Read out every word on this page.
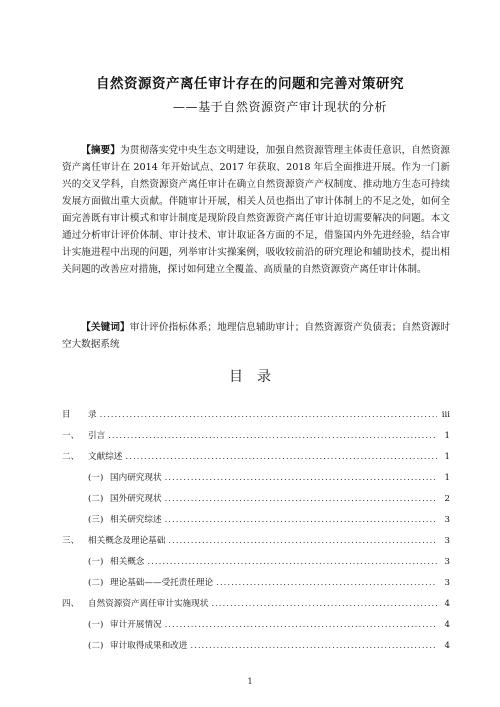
自然资源资产离任审计存在的问题和完善对策研究
——基于自然资源资产审计现状的分析

【摘要】为贯彻落实党中央生态文明建设，加强自然资源管理主体责任意识，自然资源资产离任审计在 2014 年开始试点、2017 年获取、2018 年后全面推进开展。作为一门新兴的交叉学科，自然资源资产离任审计在确立自然资源资产产权制度、推动地方生态可持续发展方面做出重大贡献。伴随审计开展，相关人员也指出了审计体制上的不足之处，如何全面完善既有审计模式和审计制度是现阶段自然资源资产离任审计迫切需要解决的问题。本文通过分析审计评价体制、审计技术、审计取证各方面的不足，借鉴国内外先进经验，结合审计实施进程中出现的问题，列举审计实操案例，吸收较前沿的研究理论和辅助技术，提出相关问题的改善应对措施，探讨如何建立全覆盖、高质量的自然资源资产离任审计体制。

【关键词】审计评价指标体系；地理信息辅助审计；自然资源资产负债表；自然资源时空大数据系统
目录
目	录 .....	iii
一、	引言 .....	1
二、	文献综述 .....	1
(一) 国内研究现状 .....	1
(二) 国外研究现状 .....	2
(三) 相关研究综述 .....	3
三、	相关概念及理论基础 .....	3
(一) 相关概念 .....	3
(二) 理论基础——受托责任理论 .....	3
四、	自然资源资产离任审计实施现状 .....	4
(一) 审计开展情况 .....	4
(二) 审计取得成果和改进 .....	4
1
